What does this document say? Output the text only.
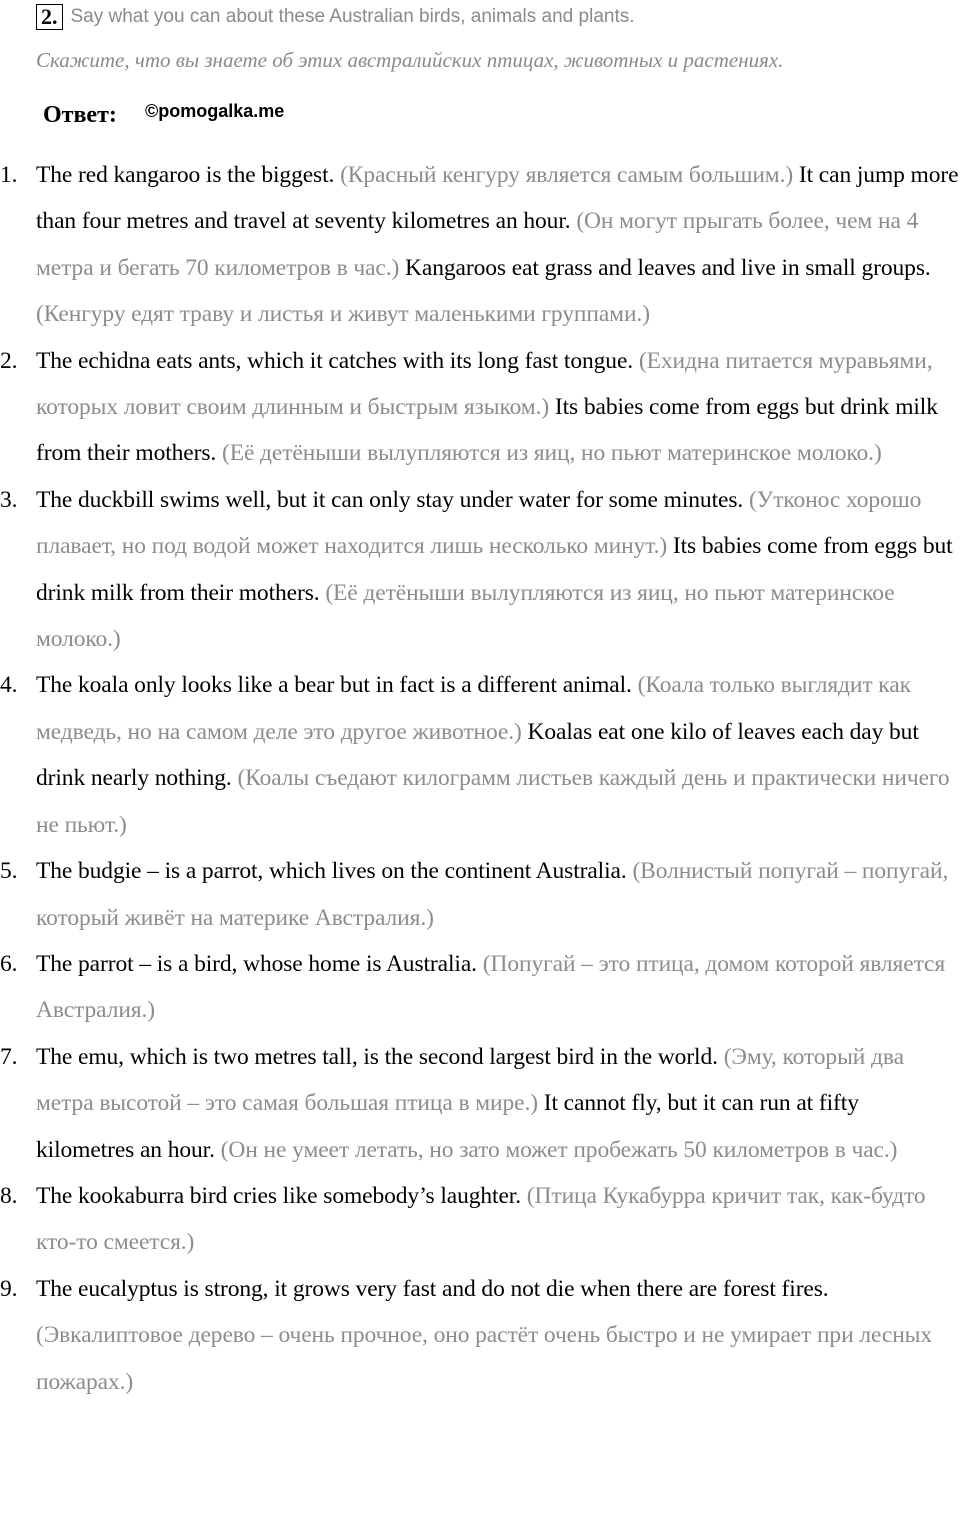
2. Say what you can about these Australian birds, animals and plants.
Скажите, что вы знаете об этих австралийских птицах, животных и растениях.
Ответ: ©pomogalka.me
1. The red kangaroo is the biggest. (Красный кенгуру является самым большим.) It can jump more than four metres and travel at seventy kilometres an hour. (Он могут прыгать более, чем на 4 метра и бегать 70 километров в час.) Kangaroos eat grass and leaves and live in small groups. (Кенгуру едят траву и листья и живут маленькими группами.)
2. The echidna eats ants, which it catches with its long fast tongue. (Ехидна питается муравьями, которых ловит своим длинным и быстрым языком.) Its babies come from eggs but drink milk from their mothers. (Её детёныши вылупляются из яиц, но пьют материнское молоко.)
3. The duckbill swims well, but it can only stay under water for some minutes. (Утконос хорошо плавает, но под водой может находится лишь несколько минут.) Its babies come from eggs but drink milk from their mothers. (Её детёныши вылупляются из яиц, но пьют материнское молоко.)
4. The koala only looks like a bear but in fact is a different animal. (Коала только выглядит как медведь, но на самом деле это другое животное.) Koalas eat one kilo of leaves each day but drink nearly nothing. (Коалы съедают килограмм листьев каждый день и практически ничего не пьют.)
5. The budgie – is a parrot, which lives on the continent Australia. (Волнистый попугай – попугай, который живёт на материке Австралия.)
6. The parrot – is a bird, whose home is Australia. (Попугай – это птица, домом которой является Австралия.)
7. The emu, which is two metres tall, is the second largest bird in the world. (Эму, который два метра высотой – это самая большая птица в мире.) It cannot fly, but it can run at fifty kilometres an hour. (Он не умеет летать, но зато может пробежать 50 километров в час.)
8. The kookaburra bird cries like somebody’s laughter. (Птица Кукабурра кричит так, как-будто кто-то смеется.)
9. The eucalyptus is strong, it grows very fast and do not die when there are forest fires. (Эвкалиптовое дерево – очень прочное, оно растёт очень быстро и не умирает при лесных пожарах.)
